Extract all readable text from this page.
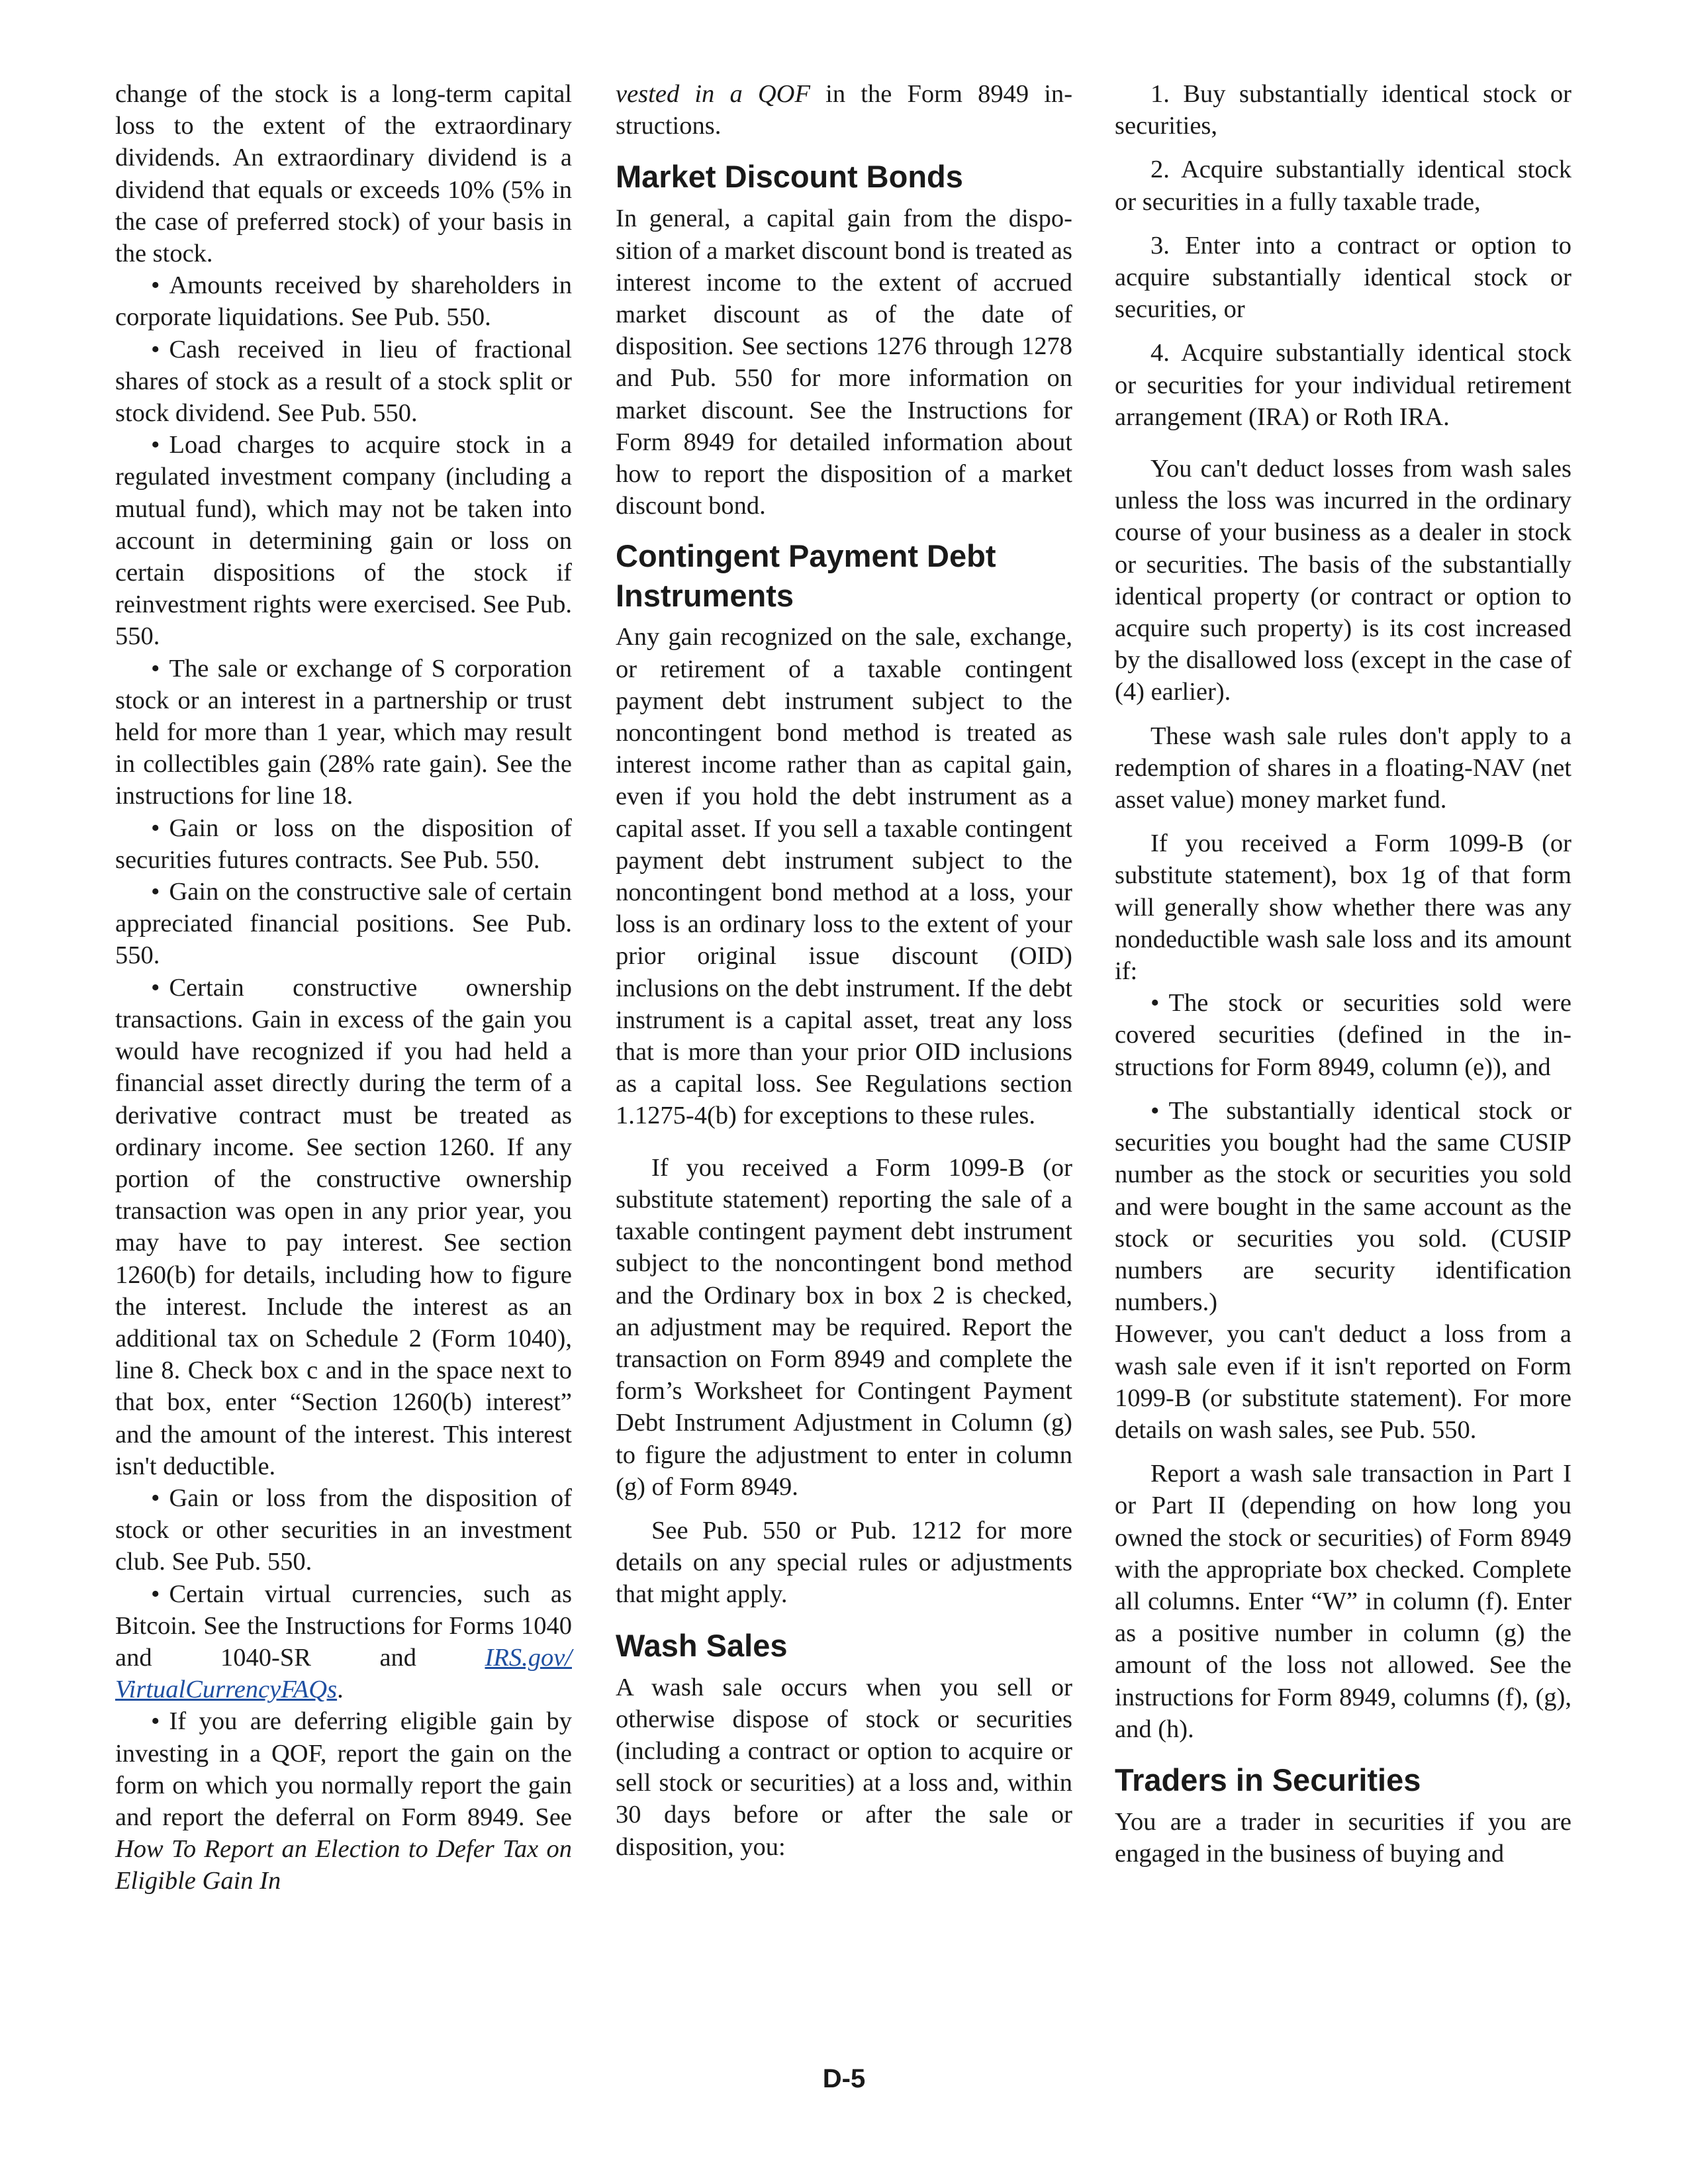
change of the stock is a long-term capital loss to the extent of the extraordinary dividends. An extraordinary dividend is a dividend that equals or exceeds 10% (5% in the case of preferred stock) of your basis in the stock.

• Amounts received by shareholders in corporate liquidations. See Pub. 550.

• Cash received in lieu of fractional shares of stock as a result of a stock split or stock dividend. See Pub. 550.

• Load charges to acquire stock in a regulated investment company (including a mutual fund), which may not be taken into account in determining gain or loss on certain dispositions of the stock if reinvestment rights were exercised. See Pub. 550.

• The sale or exchange of S corporation stock or an interest in a partnership or trust held for more than 1 year, which may result in collectibles gain (28% rate gain). See the instructions for line 18.

• Gain or loss on the disposition of securities futures contracts. See Pub. 550.

• Gain on the constructive sale of certain appreciated financial positions. See Pub. 550.

• Certain constructive ownership transactions. Gain in excess of the gain you would have recognized if you had held a financial asset directly during the term of a derivative contract must be treated as ordinary income. See section 1260. If any portion of the constructive ownership transaction was open in any prior year, you may have to pay interest. See section 1260(b) for details, including how to figure the interest. Include the interest as an additional tax on Schedule 2 (Form 1040), line 8. Check box c and in the space next to that box, enter “Section 1260(b) interest” and the amount of the interest. This interest isn't deductible.

• Gain or loss from the disposition of stock or other securities in an investment club. See Pub. 550.

• Certain virtual currencies, such as Bitcoin. See the Instructions for Forms 1040 and 1040-SR and IRS.gov/ VirtualCurrencyFAQs.

• If you are deferring eligible gain by investing in a QOF, report the gain on the form on which you normally report the gain and report the deferral on Form 8949. See How To Report an Election to Defer Tax on Eligible Gain In

vested in a QOF in the Form 8949 instructions.

Market Discount Bonds

In general, a capital gain from the disposition of a market discount bond is treated as interest income to the extent of accrued market discount as of the date of disposition. See sections 1276 through 1278 and Pub. 550 for more information on market discount. See the Instructions for Form 8949 for detailed information about how to report the disposition of a market discount bond.

Contingent Payment Debt Instruments

Any gain recognized on the sale, exchange, or retirement of a taxable contingent payment debt instrument subject to the noncontingent bond method is treated as interest income rather than as capital gain, even if you hold the debt instrument as a capital asset. If you sell a taxable contingent payment debt instrument subject to the noncontingent bond method at a loss, your loss is an ordinary loss to the extent of your prior original issue discount (OID) inclusions on the debt instrument. If the debt instrument is a capital asset, treat any loss that is more than your prior OID inclusions as a capital loss. See Regulations section 1.1275-4(b) for exceptions to these rules.

If you received a Form 1099-B (or substitute statement) reporting the sale of a taxable contingent payment debt instrument subject to the noncontingent bond method and the Ordinary box in box 2 is checked, an adjustment may be required. Report the transaction on Form 8949 and complete the form’s Worksheet for Contingent Payment Debt Instrument Adjustment in Column (g) to figure the adjustment to enter in column (g) of Form 8949.

See Pub. 550 or Pub. 1212 for more details on any special rules or adjustments that might apply.

Wash Sales

A wash sale occurs when you sell or otherwise dispose of stock or securities (including a contract or option to acquire or sell stock or securities) at a loss and, within 30 days before or after the sale or disposition, you:

1. Buy substantially identical stock or securities,

2. Acquire substantially identical stock or securities in a fully taxable trade,

3. Enter into a contract or option to acquire substantially identical stock or securities, or

4. Acquire substantially identical stock or securities for your individual retirement arrangement (IRA) or Roth IRA.

You can't deduct losses from wash sales unless the loss was incurred in the ordinary course of your business as a dealer in stock or securities. The basis of the substantially identical property (or contract or option to acquire such property) is its cost increased by the disallowed loss (except in the case of (4) earlier).

These wash sale rules don't apply to a redemption of shares in a floating-NAV (net asset value) money market fund.

If you received a Form 1099-B (or substitute statement), box 1g of that form will generally show whether there was any nondeductible wash sale loss and its amount if:

• The stock or securities sold were covered securities (defined in the instructions for Form 8949, column (e)), and

• The substantially identical stock or securities you bought had the same CUSIP number as the stock or securities you sold and were bought in the same account as the stock or securities you sold. (CUSIP numbers are security identification numbers.)

However, you can't deduct a loss from a wash sale even if it isn't reported on Form 1099-B (or substitute statement). For more details on wash sales, see Pub. 550.

Report a wash sale transaction in Part I or Part II (depending on how long you owned the stock or securities) of Form 8949 with the appropriate box checked. Complete all columns. Enter “W” in column (f). Enter as a positive number in column (g) the amount of the loss not allowed. See the instructions for Form 8949, columns (f), (g), and (h).

Traders in Securities

You are a trader in securities if you are engaged in the business of buying and

D-5
